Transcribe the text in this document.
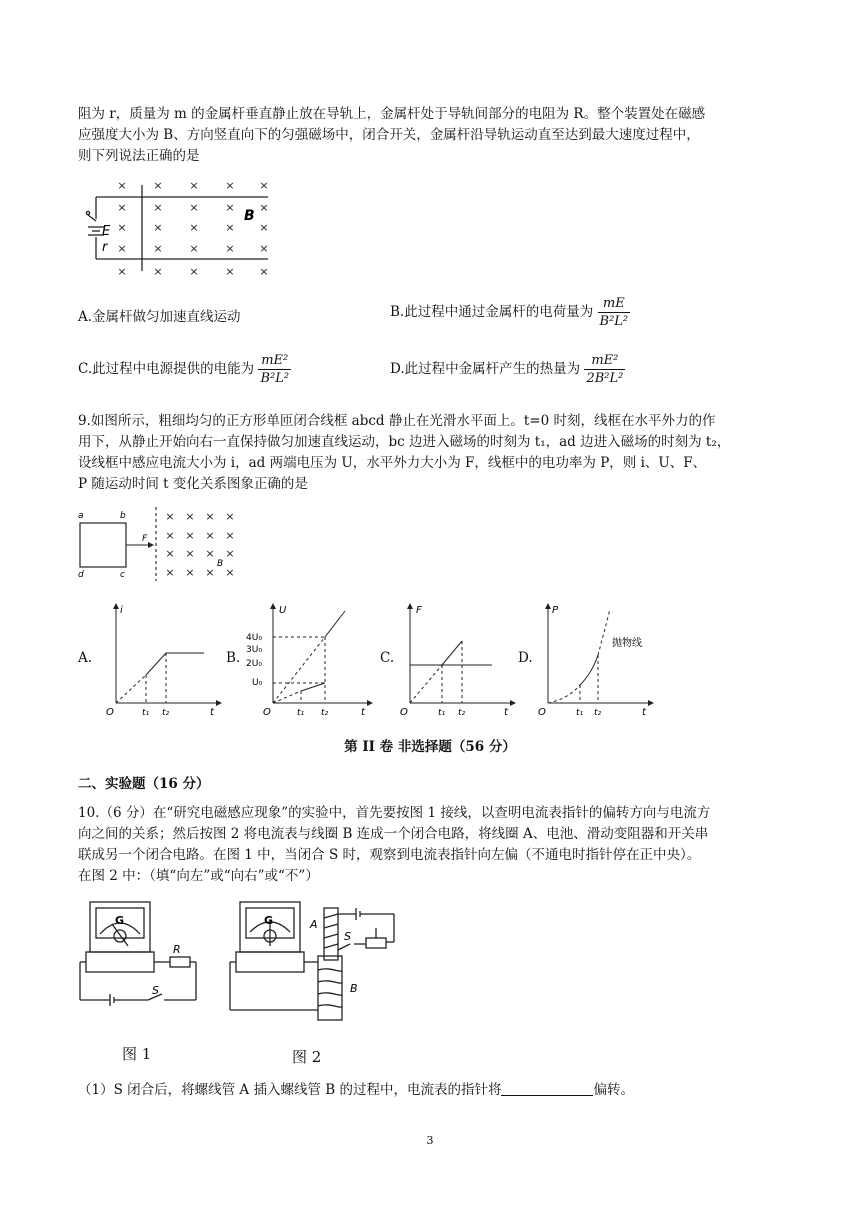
阻为 r，质量为 m 的金属杆垂直静止放在导轨上，金属杆处于导轨间部分的电阻为 R。整个装置处在磁感
应强度大小为 B、方向竖直向下的匀强磁场中，闭合开关，金属杆沿导轨运动直至达到最大速度过程中，
则下列说法正确的是
× × × × ×
× × × × ×
× × × × ×
× × × × ×
× × × × ×
E
r
B
A.金属杆做匀加速直线运动	B.此过程中通过金属杆的电荷量为 $\frac{mE}{\text{B²L²}}$
C.此过程中电源提供的电能为 $\frac{\text{mE²}}{\text{B²L²}}$	D.此过程中金属杆产生的热量为 $\frac{\text{mE²}}{\text{2B²L²}}$
9.如图所示，粗细均匀的正方形单匝闭合线框 abcd 静止在光滑水平面上。t=0 时刻，线框在水平外力的作
用下，从静止开始向右一直保持做匀加速直线运动，bc 边进入磁场的时刻为 t₁，ad 边进入磁场的时刻为 t₂，
设线框中感应电流大小为 i，ad 两端电压为 U，水平外力大小为 F，线框中的电功率为 P，则 i、U、F、
P 随运动时间 t 变化关系图象正确的是
a	b
d	c
F
× × × ×
× × × ×
× × × ×
× × × ×
B
A.
i
O	t₁ t₂	t
B.
U
4U₀
3U₀
2U₀
U₀
O	t₁ t₂	t
C.
F
O	t₁ t₂	t
D.
P
抛物线
O	t₁ t₂	t
第 II 卷 非选择题（56 分）
二、实验题（16 分）
10.（6 分）在“研究电磁感应现象”的实验中，首先要按图 1 接线，以查明电流表指针的偏转方向与电流方
向之间的关系；然后按图 2 将电流表与线圈 B 连成一个闭合电路，将线圈 A、电池、滑动变阻器和开关串
联成另一个闭合电路。在图 1 中，当闭合 S 时，观察到电流表指针向左偏（不通电时指针停在正中央）。
在图 2 中：（填“向左”或“向右”或“不”）
G
R
S
图 1
G	A
S
B
图 2
（1）S 闭合后，将螺线管 A 插入螺线管 B 的过程中，电流表的指针将	偏转。
3
